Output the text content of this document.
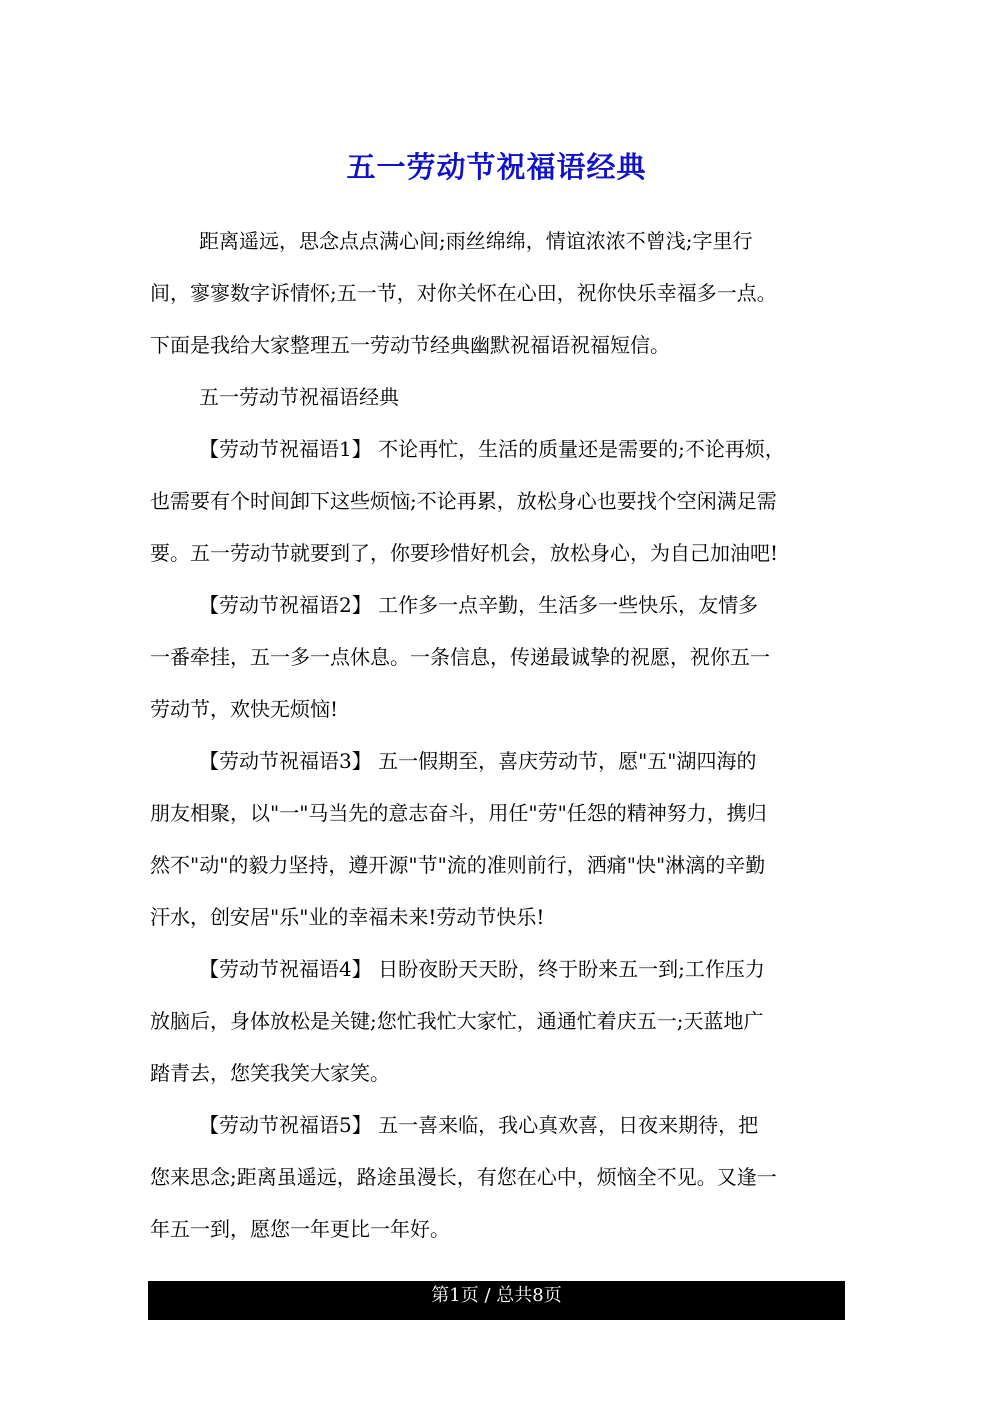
五一劳动节祝福语经典

距离遥远，思念点点满心间;雨丝绵绵，情谊浓浓不曾浅;字里行
间，寥寥数字诉情怀;五一节，对你关怀在心田，祝你快乐幸福多一点。
下面是我给大家整理五一劳动节经典幽默祝福语祝福短信。

五一劳动节祝福语经典

【劳动节祝福语1】 不论再忙，生活的质量还是需要的;不论再烦，
也需要有个时间卸下这些烦恼;不论再累，放松身心也要找个空闲满足需
要。五一劳动节就要到了，你要珍惜好机会，放松身心，为自己加油吧!

【劳动节祝福语2】 工作多一点辛勤，生活多一些快乐，友情多
一番牵挂，五一多一点休息。一条信息，传递最诚挚的祝愿，祝你五一
劳动节，欢快无烦恼!

【劳动节祝福语3】 五一假期至，喜庆劳动节，愿"五"湖四海的
朋友相聚，以"一"马当先的意志奋斗，用任"劳"任怨的精神努力，携归
然不"动"的毅力坚持，遵开源"节"流的准则前行，洒痛"快"淋漓的辛勤
汗水，创安居"乐"业的幸福未来!劳动节快乐!

【劳动节祝福语4】 日盼夜盼天天盼，终于盼来五一到;工作压力
放脑后，身体放松是关键;您忙我忙大家忙，通通忙着庆五一;天蓝地广
踏青去，您笑我笑大家笑。

【劳动节祝福语5】 五一喜来临，我心真欢喜，日夜来期待，把
您来思念;距离虽遥远，路途虽漫长，有您在心中，烦恼全不见。又逢一
年五一到，愿您一年更比一年好。

第1页 / 总共8页
